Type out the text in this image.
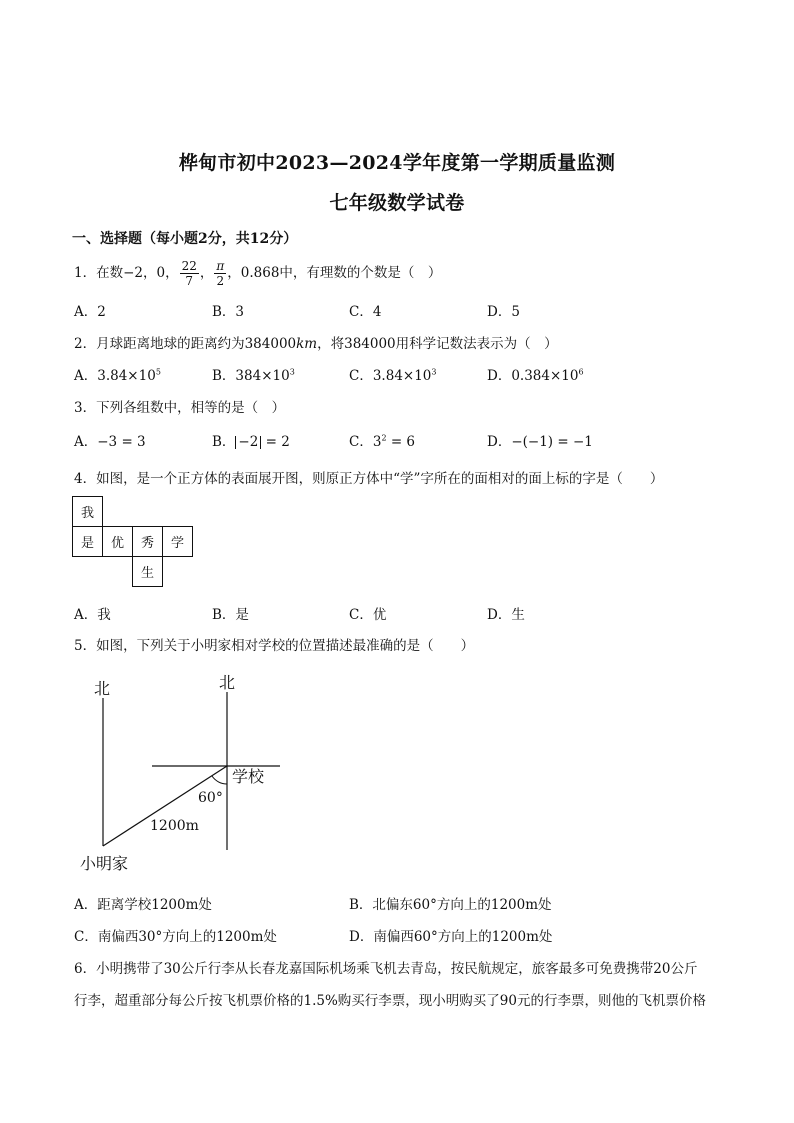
桦甸市初中2023—2024学年度第一学期质量监测
七年级数学试卷
一、选择题（每小题2分，共12分）
1．在数−2，0， $\frac{22}{7}$ ， $\frac{\pi}{2}$ ，0.868中，有理数的个数是（　）
A．2	B．3	C．4	D．5
2．月球距离地球的距离约为384000km，将384000用科学记数法表示为（　）
A．$3.84\times 10^5$	B．$384\times 10^3$	C．$3.84\times 10^3$	D．$0.384\times 10^6$
3．下列各组数中，相等的是（　）
A．−3 = 3	B． −2 = 2	C．$3^2 = 6$	D．−(−1) = −1
4．如图，是一个正方体的表面展开图，则原正方体中“学”字所在的面相对的面上标的字是（　　）
我			
是	优	秀	学
		生	
A．我	B．是	C．优	D．生
5．如图，下列关于小明家相对学校的位置描述最准确的是（　　）
北	北
学校
60°
1200m
小明家
A．距离学校1200m处	B．北偏东60°方向上的1200m处
C．南偏西30°方向上的1200m处	D．南偏西60°方向上的1200m处
6．小明携带了30公斤行李从长春龙嘉国际机场乘飞机去青岛，按民航规定，旅客最多可免费携带20公斤
行李，超重部分每公斤按飞机票价格的1.5%购买行李票，现小明购买了90元的行李票，则他的飞机票价格
